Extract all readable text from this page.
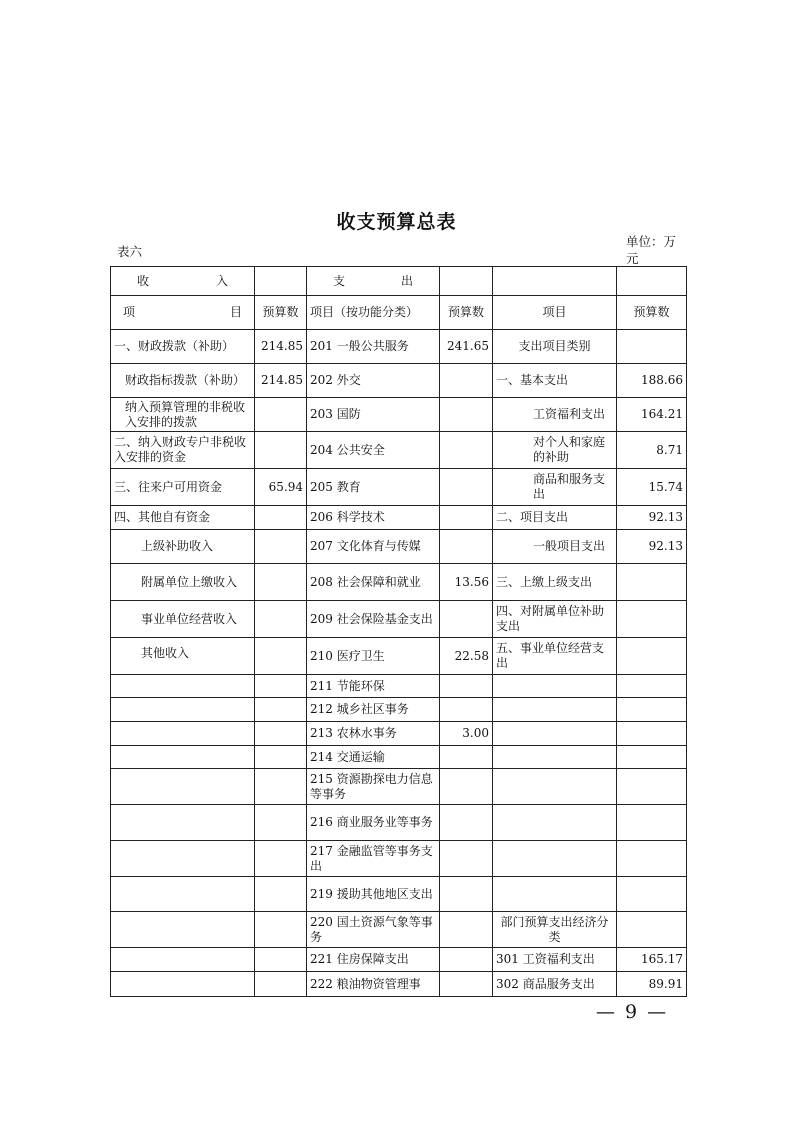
收支预算总表
表六
单位：万元
收入		支出			
项目	预算数	项目（按功能分类）	预算数	项目	预算数
一、财政拨款（补助）	214.85	201 一般公共服务	241.65	支出项目类别	
财政指标拨款（补助）	214.85	202 外交		一、基本支出	188.66
纳入预算管理的非税收入安排的拨款		203 国防		工资福利支出	164.21
二、纳入财政专户非税收入安排的资金		204 公共安全		对个人和家庭的补助	8.71
三、往来户可用资金	65.94	205 教育		商品和服务支出	15.74
四、其他自有资金		206 科学技术		二、项目支出	92.13
上级补助收入		207 文化体育与传媒		一般项目支出	92.13
附属单位上缴收入		208 社会保障和就业	13.56	三、上缴上级支出	
事业单位经营收入		209 社会保险基金支出		四、对附属单位补助支出	
其他收入		210 医疗卫生	22.58	五、事业单位经营支出	
		211 节能环保			
		212 城乡社区事务			
		213 农林水事务	3.00		
		214 交通运输			
		215 资源勘探电力信息等事务			
		216 商业服务业等事务			
		217 金融监管等事务支出			
		219 援助其他地区支出			
		220 国土资源气象等事务		部门预算支出经济分类	
		221 住房保障支出		301 工资福利支出	165.17
		222 粮油物资管理事		302 商品服务支出	89.91
— 9 —
